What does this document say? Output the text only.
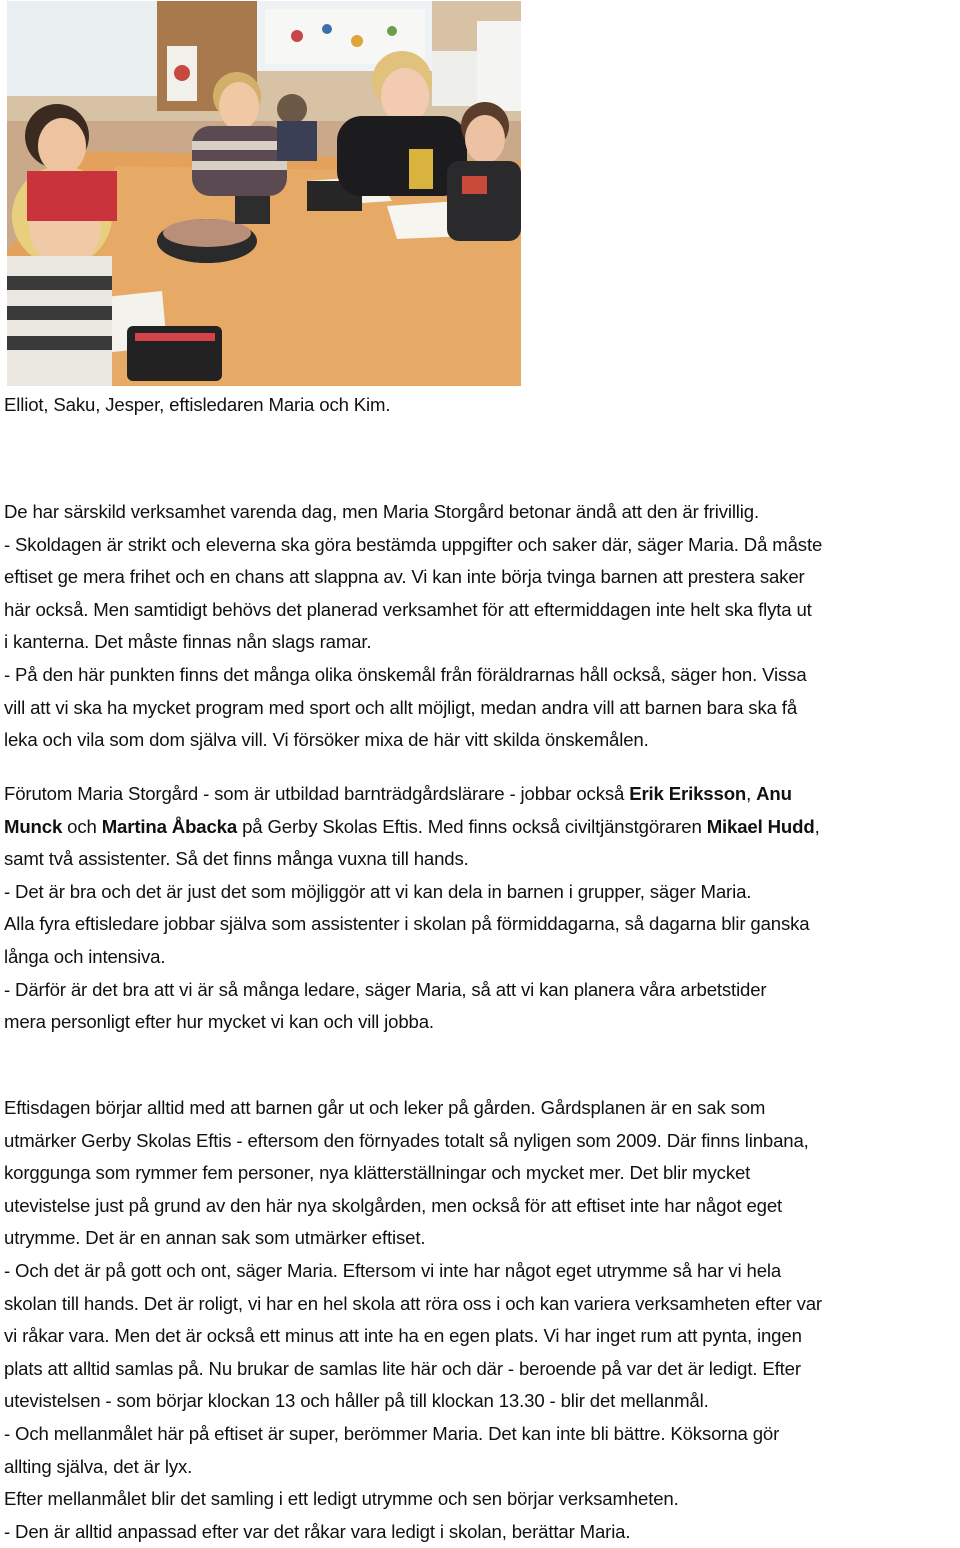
Elliot, Saku, Jesper, eftisledaren Maria och Kim.
De har särskild verksamhet varenda dag, men Maria Storgård betonar ändå att den är frivillig.
- Skoldagen är strikt och eleverna ska göra bestämda uppgifter och saker där, säger Maria. Då måste
eftiset ge mera frihet och en chans att slappna av. Vi kan inte börja tvinga barnen att prestera saker
här också. Men samtidigt behövs det planerad verksamhet för att eftermiddagen inte helt ska flyta ut
i kanterna. Det måste finnas nån slags ramar.
- På den här punkten finns det många olika önskemål från föräldrarnas håll också, säger hon. Vissa
vill att vi ska ha mycket program med sport och allt möjligt, medan andra vill att barnen bara ska få
leka och vila som dom själva vill. Vi försöker mixa de här vitt skilda önskemålen.
Förutom Maria Storgård - som är utbildad barnträdgårdslärare - jobbar också Erik Eriksson, Anu
Munck och Martina Åbacka på Gerby Skolas Eftis. Med finns också civiltjänstgöraren Mikael Hudd,
samt två assistenter. Så det finns många vuxna till hands.
- Det är bra och det är just det som möjliggör att vi kan dela in barnen i grupper, säger Maria.
Alla fyra eftisledare jobbar själva som assistenter i skolan på förmiddagarna, så dagarna blir ganska
långa och intensiva.
- Därför är det bra att vi är så många ledare, säger Maria, så att vi kan planera våra arbetstider
mera personligt efter hur mycket vi kan och vill jobba.
Eftisdagen börjar alltid med att barnen går ut och leker på gården. Gårdsplanen är en sak som
utmärker Gerby Skolas Eftis - eftersom den förnyades totalt så nyligen som 2009. Där finns linbana,
korggunga som rymmer fem personer, nya klätterställningar och mycket mer. Det blir mycket
utevistelse just på grund av den här nya skolgården, men också för att eftiset inte har något eget
utrymme. Det är en annan sak som utmärker eftiset.
- Och det är på gott och ont, säger Maria. Eftersom vi inte har något eget utrymme så har vi hela
skolan till hands. Det är roligt, vi har en hel skola att röra oss i och kan variera verksamheten efter var
vi råkar vara. Men det är också ett minus att inte ha en egen plats. Vi har inget rum att pynta, ingen
plats att alltid samlas på. Nu brukar de samlas lite här och där - beroende på var det är ledigt. Efter
utevistelsen - som börjar klockan 13 och håller på till klockan 13.30 - blir det mellanmål.
- Och mellanmålet här på eftiset är super, berömmer Maria. Det kan inte bli bättre. Köksorna gör
allting själva, det är lyx.
Efter mellanmålet blir det samling i ett ledigt utrymme och sen börjar verksamheten.
- Den är alltid anpassad efter var det råkar vara ledigt i skolan, berättar Maria.
